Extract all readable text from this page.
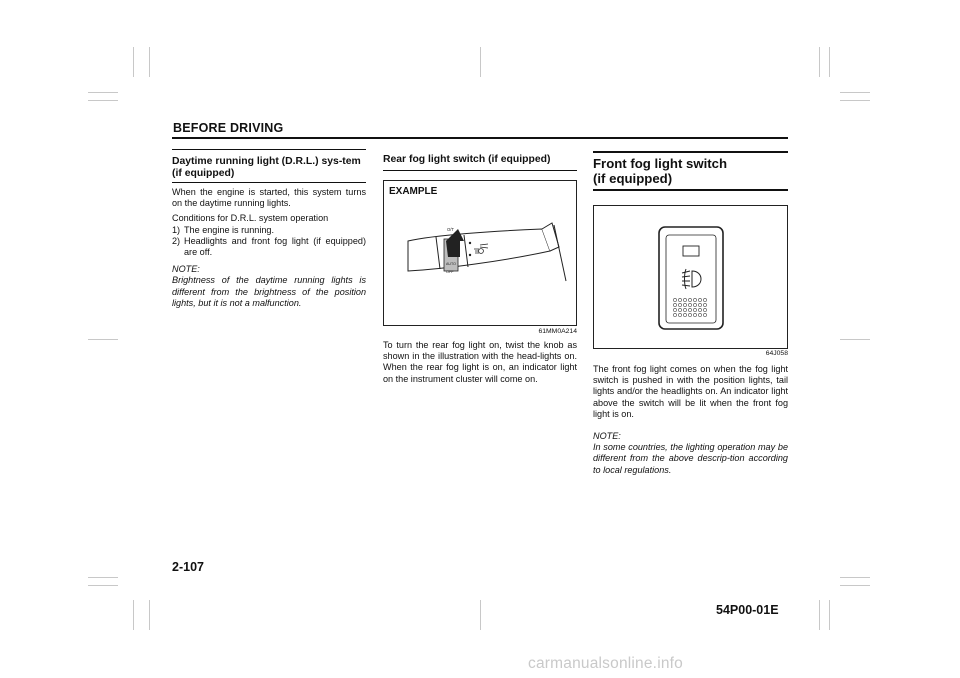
BEFORE DRIVING
Daytime running light (D.R.L.) sys-tem (if equipped)

When the engine is started, this system turns on the daytime running lights.

Conditions for D.R.L. system operation
1) The engine is running.
2) Headlights and front fog light (if equipped) are off.
NOTE:
Brightness of the daytime running lights is different from the brightness of the position lights, but it is not a malfunction.
Rear fog light switch (if equipped)
O/T
AUTO
OFF
EXAMPLE
61MM0A214
To turn the rear fog light on, twist the knob as shown in the illustration with the head-lights on. When the rear fog light is on, an indicator light on the instrument cluster will come on.
Front fog light switch
(if equipped)
64J058

The front fog light comes on when the fog light switch is pushed in with the position lights, tail lights and/or the headlights on. An indicator light above the switch will be lit when the front fog light is on.

NOTE:
In some countries, the lighting operation may be different from the above descrip-tion according to local regulations.
2-107
54P00-01E
carmanualsonline.info
